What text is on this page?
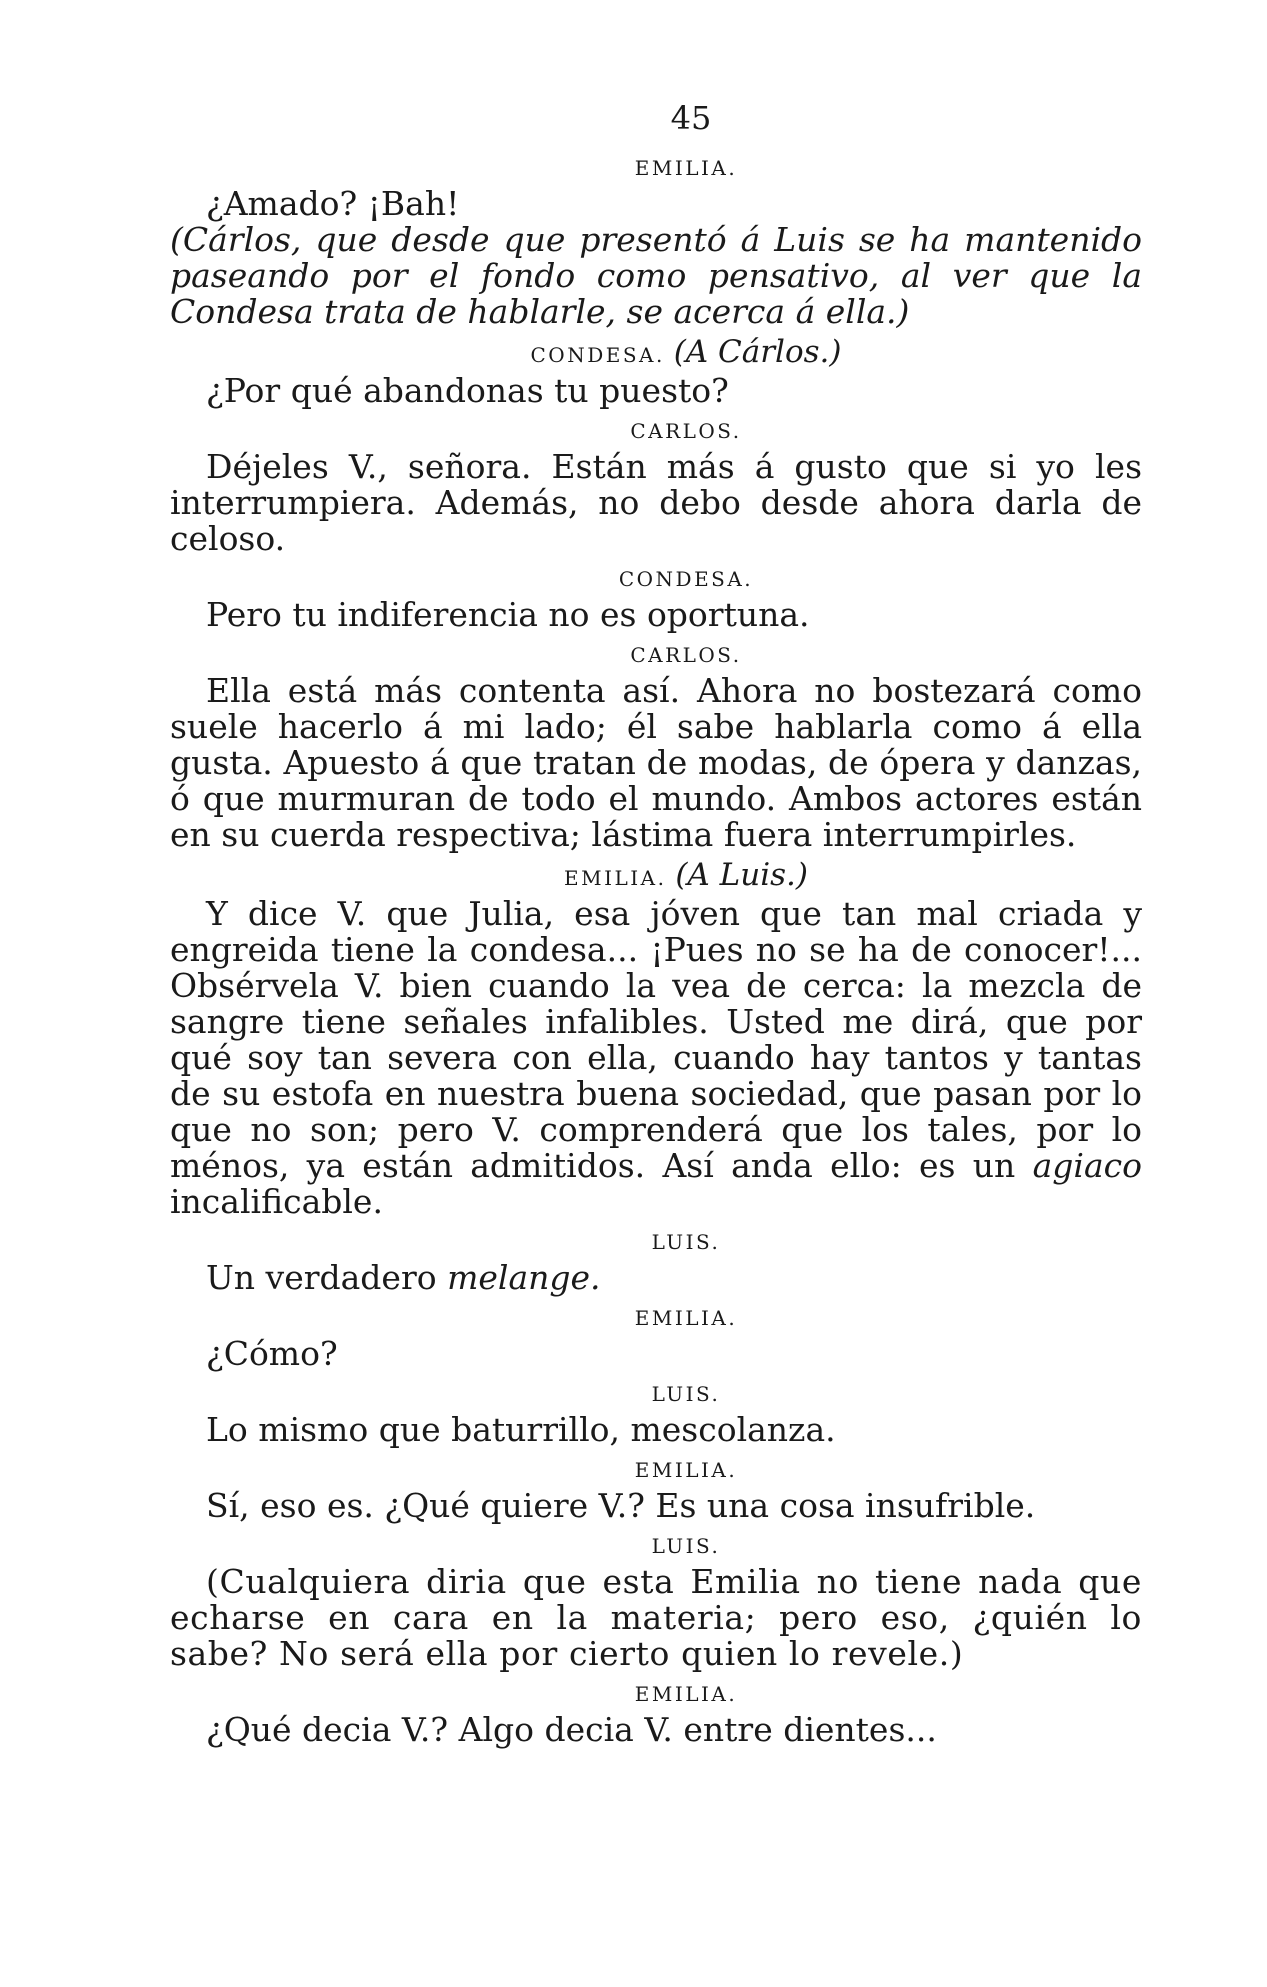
45
EMILIA.

¿Amado? ¡Bah!

(Cárlos, que desde que presentó á Luis se ha mantenido paseando por el fondo como pensativo, al ver que la Condesa trata de hablarle, se acerca á ella.)

CONDESA. (A Cárlos.)

¿Por qué abandonas tu puesto?

CARLOS.

Déjeles V., señora. Están más á gusto que si yo les interrumpiera. Además, no debo desde ahora darla de celoso.

CONDESA.

Pero tu indiferencia no es oportuna.

CARLOS.

Ella está más contenta así. Ahora no bostezará como suele hacerlo á mi lado; él sabe hablarla como á ella gusta. Apuesto á que tratan de modas, de ópera y danzas, ó que murmuran de todo el mundo. Ambos actores están en su cuerda respectiva; lástima fuera interrumpirles.

EMILIA. (A Luis.)

Y dice V. que Julia, esa jóven que tan mal criada y engreida tiene la condesa... ¡Pues no se ha de conocer!... Obsérvela V. bien cuando la vea de cerca: la mezcla de sangre tiene señales infalibles. Usted me dirá, que por qué soy tan severa con ella, cuando hay tantos y tantas de su estofa en nuestra buena sociedad, que pasan por lo que no son; pero V. comprenderá que los tales, por lo ménos, ya están admitidos. Así anda ello: es un agiaco incalificable.

LUIS.

Un verdadero melange.

EMILIA.

¿Cómo?

LUIS.

Lo mismo que baturrillo, mescolanza.

EMILIA.

Sí, eso es. ¿Qué quiere V.? Es una cosa insufrible.

LUIS.

(Cualquiera diria que esta Emilia no tiene nada que echarse en cara en la materia; pero eso, ¿quién lo sabe? No será ella por cierto quien lo revele.)

EMILIA.

¿Qué decia V.? Algo decia V. entre dientes...
